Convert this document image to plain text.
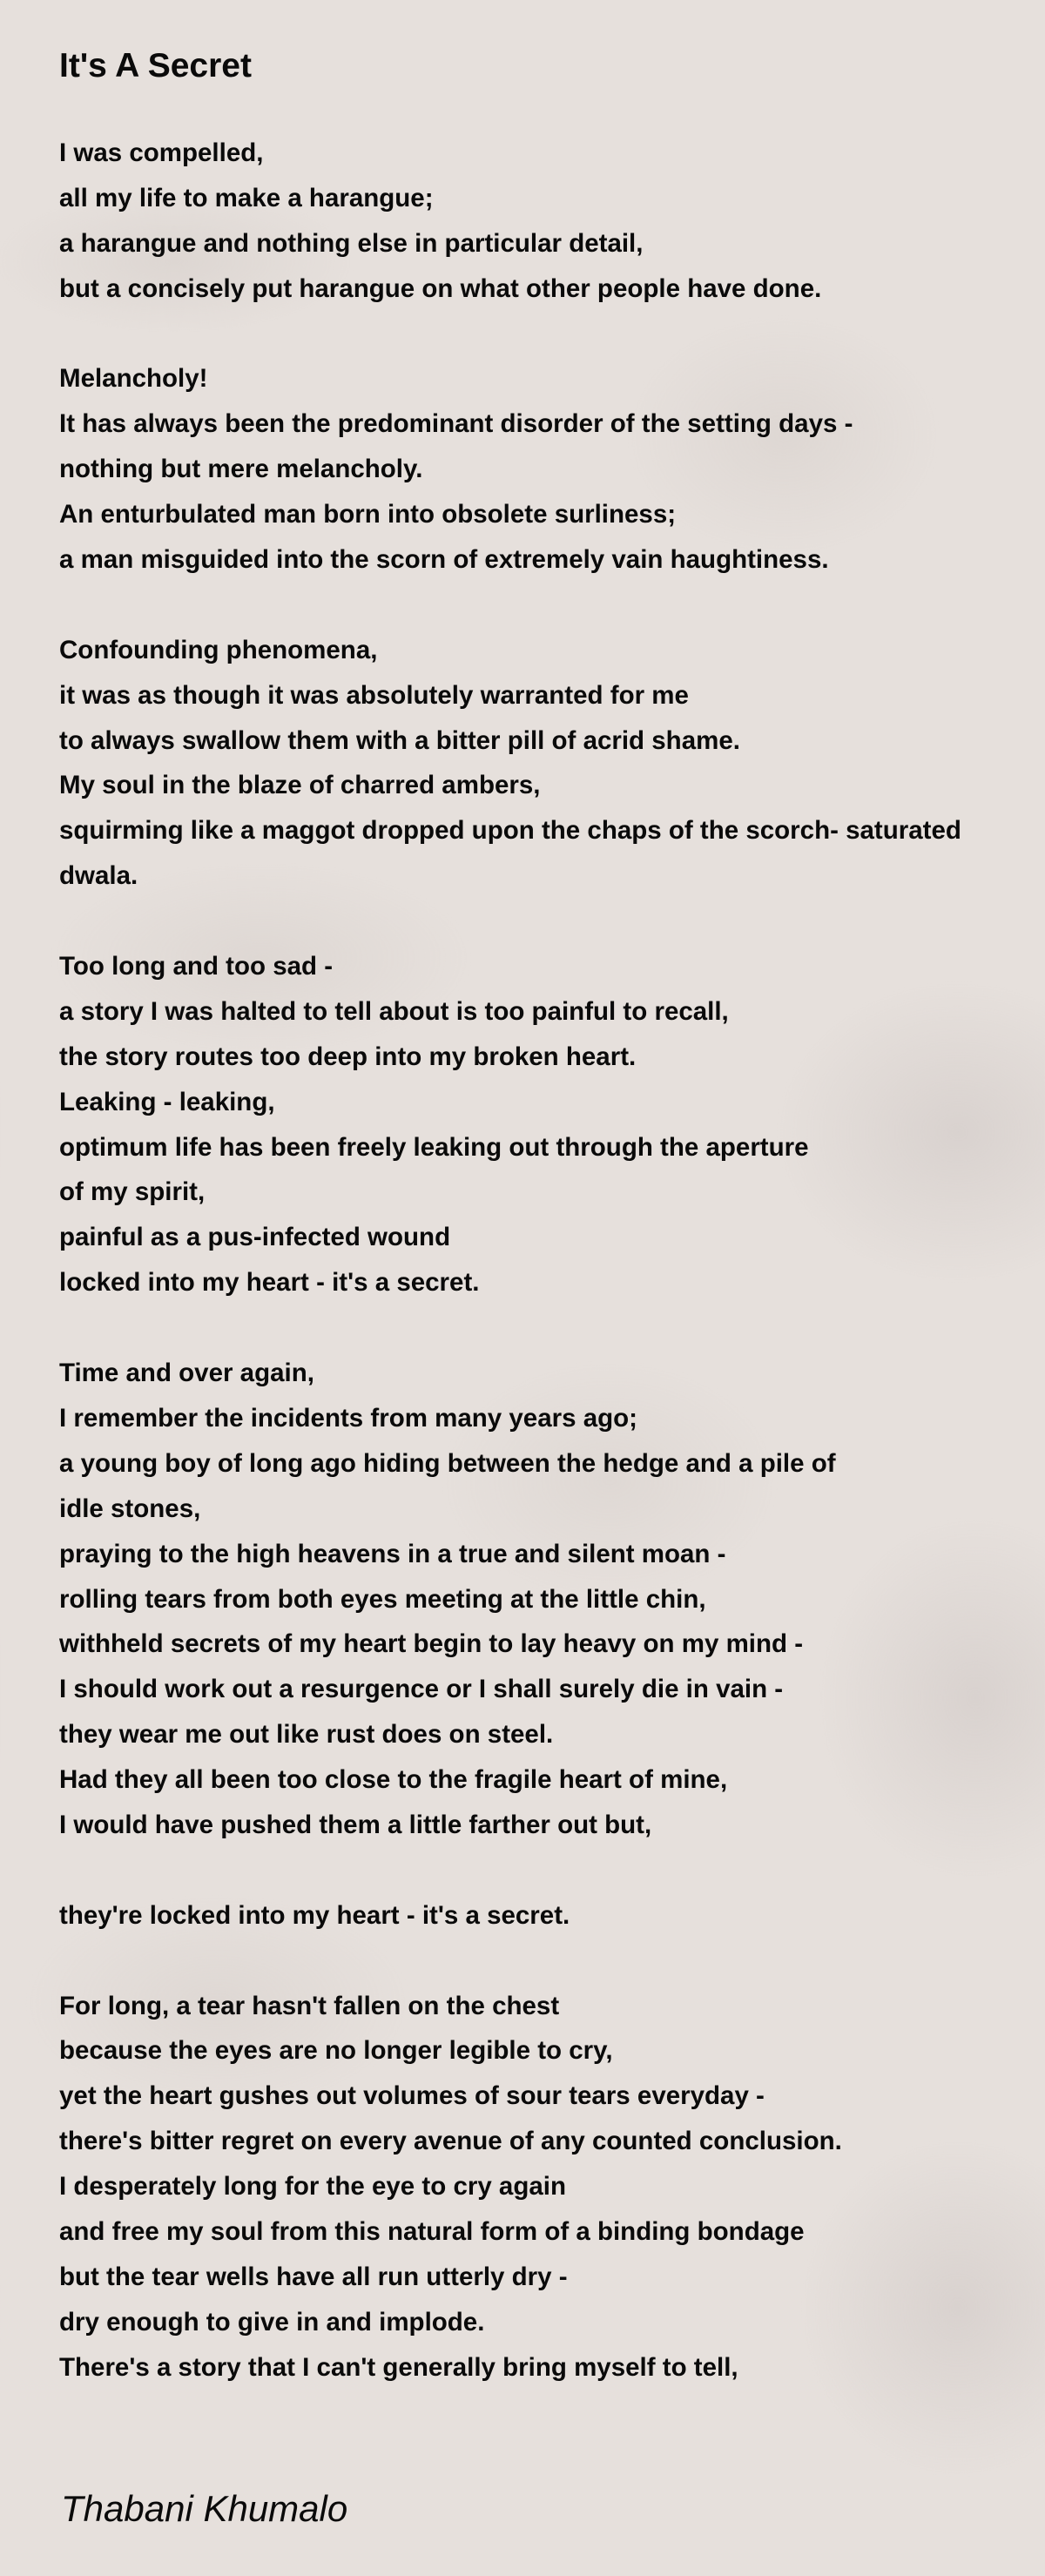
It's A Secret
I was compelled,
all my life to make a harangue;
a harangue and nothing else in particular detail,
but a concisely put harangue on what other people have done.
Melancholy!
It has always been the predominant disorder of the setting days -
nothing but mere melancholy.
An enturbulated man born into obsolete surliness;
a man misguided into the scorn of extremely vain haughtiness.
Confounding phenomena,
it was as though it was absolutely warranted for me
to always swallow them with a bitter pill of acrid shame.
My soul in the blaze of charred ambers,
squirming like a maggot dropped upon the chaps of the scorch- saturated
dwala.
Too long and too sad -
a story I was halted to tell about is too painful to recall,
the story routes too deep into my broken heart.
Leaking - leaking,
optimum life has been freely leaking out through the aperture
of my spirit,
painful as a pus-infected wound
locked into my heart - it's a secret.
Time and over again,
I remember the incidents from many years ago;
a young boy of long ago hiding between the hedge and a pile of
idle stones,
praying to the high heavens in a true and silent moan -
rolling tears from both eyes meeting at the little chin,
withheld secrets of my heart begin to lay heavy on my mind -
I should work out a resurgence or I shall surely die in vain -
they wear me out like rust does on steel.
Had they all been too close to the fragile heart of mine,
I would have pushed them a little farther out but,
they're locked into my heart - it's a secret.
For long, a tear hasn't fallen on the chest
because the eyes are no longer legible to cry,
yet the heart gushes out volumes of sour tears everyday -
there's bitter regret on every avenue of any counted conclusion.
I desperately long for the eye to cry again
and free my soul from this natural form of a binding bondage
but the tear wells have all run utterly dry -
dry enough to give in and implode.
There's a story that I can't generally bring myself to tell,
Thabani Khumalo
